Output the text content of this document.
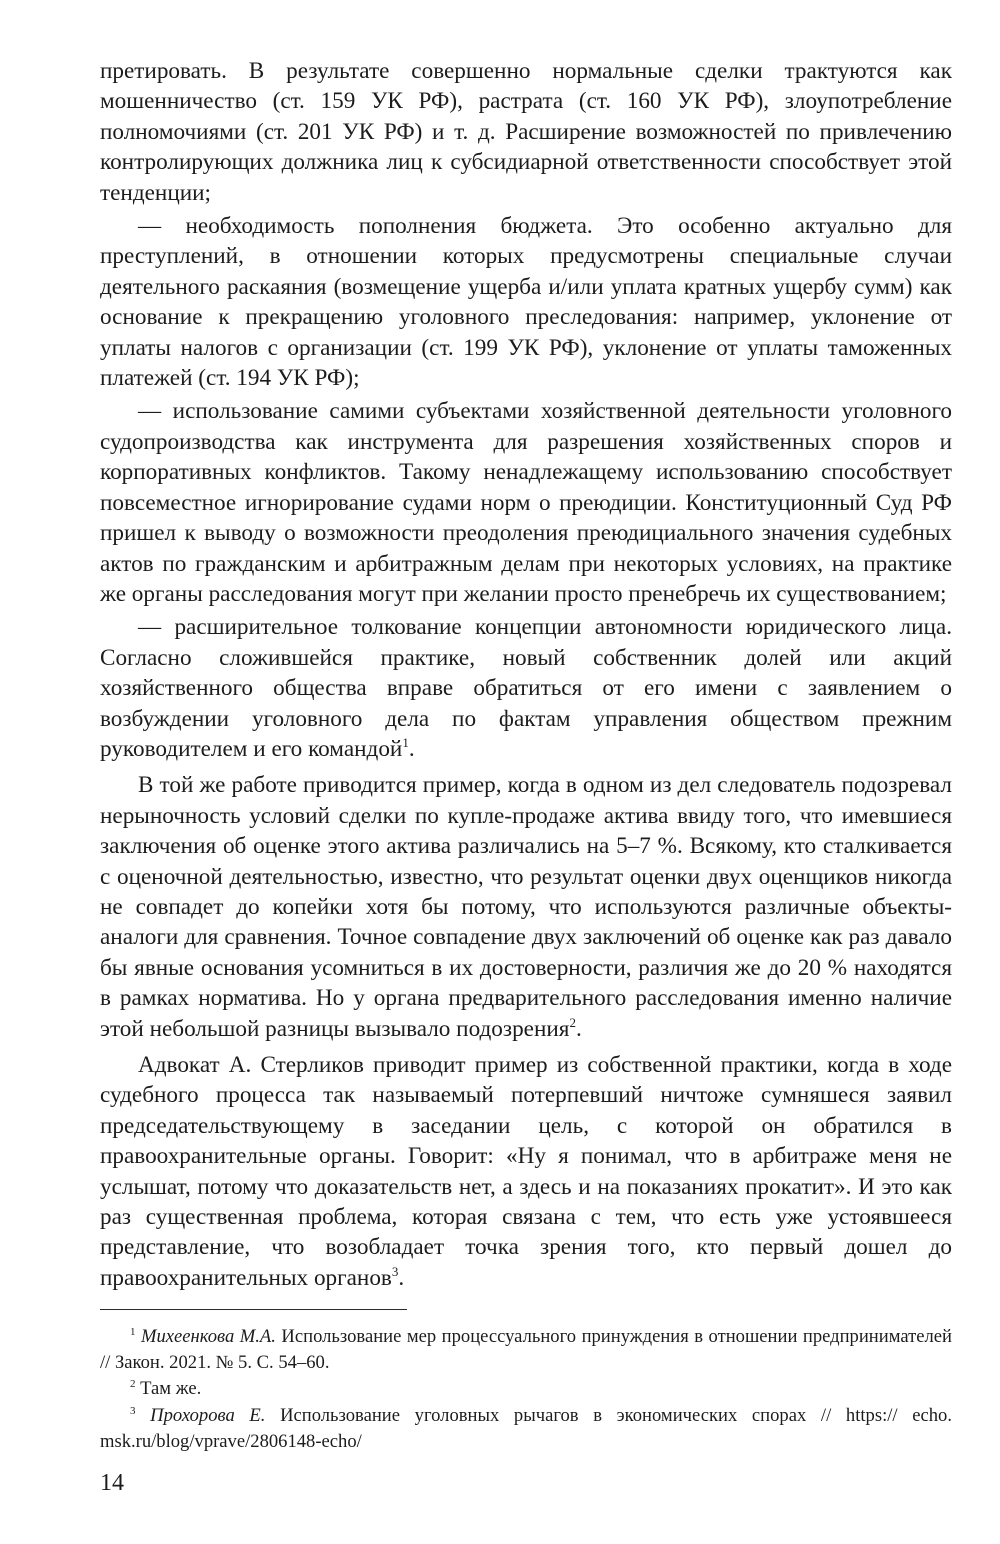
претировать. В результате совершенно нормальные сделки трактуются как мошенничество (ст. 159 УК РФ), растрата (ст. 160 УК РФ), злоупотребление полномочиями (ст. 201 УК РФ) и т. д. Расширение возможностей по привлечению контролирующих должника лиц к субсидиарной ответственности способствует этой тенденции;

— необходимость пополнения бюджета. Это особенно актуально для преступлений, в отношении которых предусмотрены специальные случаи деятельного раскаяния (возмещение ущерба и/или уплата кратных ущербу сумм) как основание к прекращению уголовного преследования: например, уклонение от уплаты налогов с организации (ст. 199 УК РФ), уклонение от уплаты таможенных платежей (ст. 194 УК РФ);

— использование самими субъектами хозяйственной деятельности уголовного судопроизводства как инструмента для разрешения хозяйственных споров и корпоративных конфликтов. Такому ненадлежащему использованию способствует повсеместное игнорирование судами норм о преюдиции. Конституционный Суд РФ пришел к выводу о возможности преодоления преюдициального значения судебных актов по гражданским и арбитражным делам при некоторых условиях, на практике же органы расследования могут при желании просто пренебречь их существованием;

— расширительное толкование концепции автономности юридического лица. Согласно сложившейся практике, новый собственник долей или акций хозяйственного общества вправе обратиться от его имени с заявлением о возбуждении уголовного дела по фактам управления обществом прежним руководителем и его командой$^1$.

В той же работе приводится пример, когда в одном из дел следователь подозревал нерыночность условий сделки по купле-продаже актива ввиду того, что имевшиеся заключения об оценке этого актива различались на 5–7 %. Всякому, кто сталкивается с оценочной деятельностью, известно, что результат оценки двух оценщиков никогда не совпадет до копейки хотя бы потому, что используются различные объекты-аналоги для сравнения. Точное совпадение двух заключений об оценке как раз давало бы явные основания усомниться в их достоверности, различия же до 20 % находятся в рамках норматива. Но у органа предварительного расследования именно наличие этой небольшой разницы вызывало подозрения$^2$.

Адвокат А. Стерликов приводит пример из собственной практики, когда в ходе судебного процесса так называемый потерпевший ничтоже сумняшеся заявил председательствующему в заседании цель, с которой он обратился в правоохранительные органы. Говорит: «Ну я понимал, что в арбитраже меня не услышат, потому что доказательств нет, а здесь и на показаниях прокатит». И это как раз существенная проблема, которая связана с тем, что есть уже устоявшееся представление, что возобладает точка зрения того, кто первый дошел до правоохранительных органов$^3$.

$^1$ Михеенкова М.А. Использование мер процессуального принуждения в отношении предпринимателей // Закон. 2021. № 5. С. 54–60.

$^2$ Там же.

$^3$ Прохорова Е. Использование уголовных рычагов в экономических спорах // https:// echo. msk.ru/blog/vprave/2806148-echo/

14
